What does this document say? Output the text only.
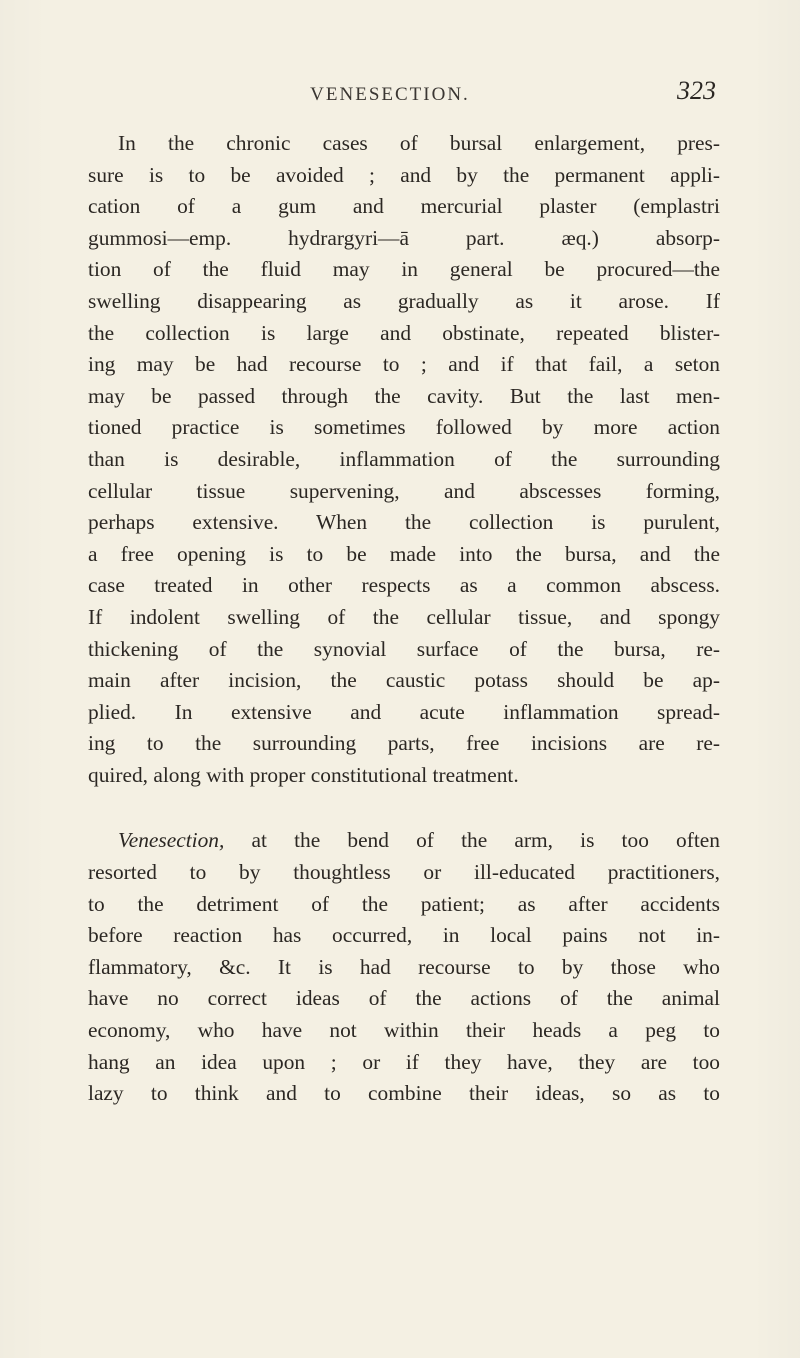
VENESECTION.	323
In the chronic cases of bursal enlargement, pres-
sure is to be avoided ; and by the permanent appli-
cation of a gum and mercurial plaster (emplastri
gummosi—emp. hydrargyri—ā part. æq.) absorp-
tion of the fluid may in general be procured—the
swelling disappearing as gradually as it arose. If
the collection is large and obstinate, repeated blister-
ing may be had recourse to ; and if that fail, a seton
may be passed through the cavity. But the last men-
tioned practice is sometimes followed by more action
than is desirable, inflammation of the surrounding
cellular tissue supervening, and abscesses forming,
perhaps extensive. When the collection is purulent,
a free opening is to be made into the bursa, and the
case treated in other respects as a common abscess.
If indolent swelling of the cellular tissue, and spongy
thickening of the synovial surface of the bursa, re-
main after incision, the caustic potass should be ap-
plied. In extensive and acute inflammation spread-
ing to the surrounding parts, free incisions are re-
quired, along with proper constitutional treatment.
Venesection, at the bend of the arm, is too often
resorted to by thoughtless or ill-educated practitioners,
to the detriment of the patient; as after accidents
before reaction has occurred, in local pains not in-
flammatory, &c. It is had recourse to by those who
have no correct ideas of the actions of the animal
economy, who have not within their heads a peg to
hang an idea upon ; or if they have, they are too
lazy to think and to combine their ideas, so as to
